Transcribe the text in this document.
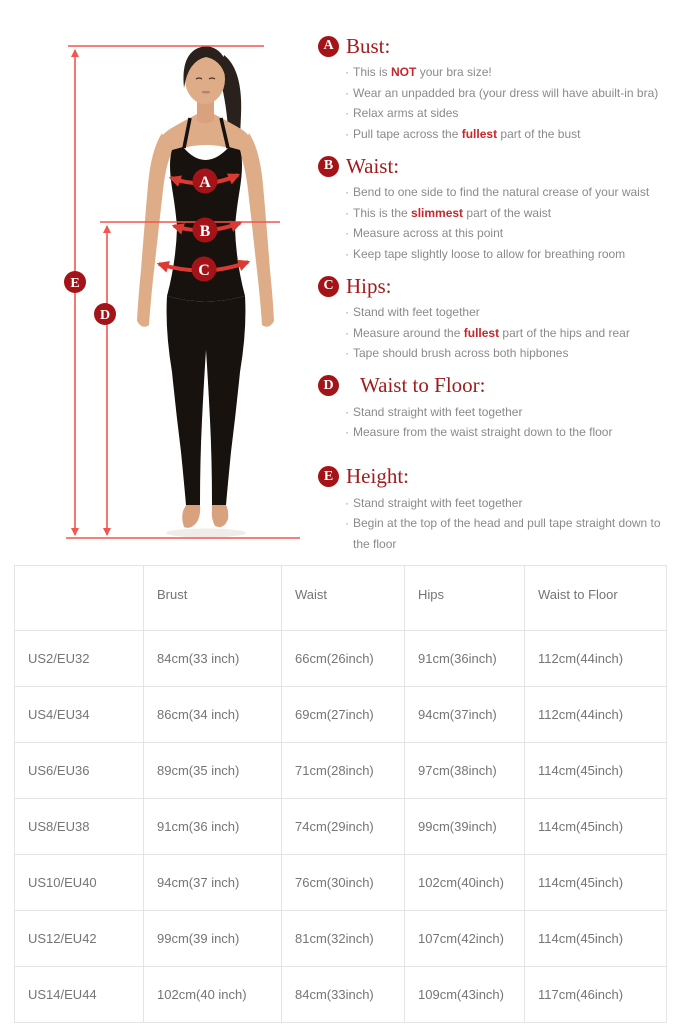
A
B
C
D
E
A Bust:
· This is NOT your bra size!
· Wear an unpadded bra (your dress will have abuilt-in bra)
· Relax arms at sides
· Pull tape across the fullest part of the bust
B Waist:
· Bend to one side to find the natural crease of your waist
· This is the slimmest part of the waist
· Measure across at this point
· Keep tape slightly loose to allow for breathing room
C Hips:
· Stand with feet together
· Measure around the fullest part of the hips and rear
· Tape should brush across both hipbones
D Waist to Floor:
· Stand straight with feet together
· Measure from the waist straight down to the floor
E Height:
· Stand straight with feet together
· Begin at the top of the head and pull tape straight down to the floor
	Brust	Waist	Hips	Waist to Floor
US2/EU32	84cm(33 inch)	66cm(26inch)	91cm(36inch)	112cm(44inch)
US4/EU34	86cm(34 inch)	69cm(27inch)	94cm(37inch)	112cm(44inch)
US6/EU36	89cm(35 inch)	71cm(28inch)	97cm(38inch)	114cm(45inch)
US8/EU38	91cm(36 inch)	74cm(29inch)	99cm(39inch)	114cm(45inch)
US10/EU40	94cm(37 inch)	76cm(30inch)	102cm(40inch)	114cm(45inch)
US12/EU42	99cm(39 inch)	81cm(32inch)	107cm(42inch)	114cm(45inch)
US14/EU44	102cm(40 inch)	84cm(33inch)	109cm(43inch)	117cm(46inch)
